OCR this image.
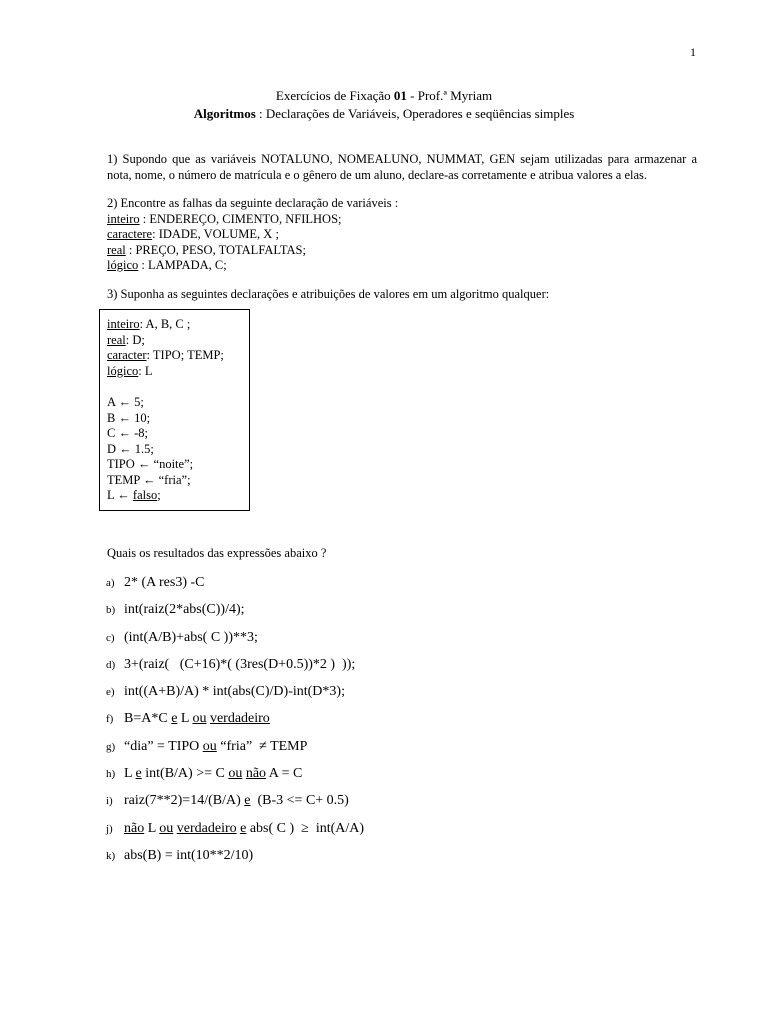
1
Exercícios de Fixação 01 - Prof.ª Myriam
Algoritmos : Declarações de Variáveis, Operadores e seqüências simples
1) Supondo que as variáveis NOTALUNO, NOMEALUNO, NUMMAT, GEN sejam utilizadas para armazenar a nota, nome, o número de matrícula e o gênero de um aluno, declare-as corretamente e atribua valores a elas.
2) Encontre as falhas da seguinte declaração de variáveis :
inteiro : ENDEREÇO, CIMENTO, NFILHOS;
caractere: IDADE, VOLUME, X ;
real : PREÇO, PESO, TOTALFALTAS;
lógico : LAMPADA, C;
3) Suponha as seguintes declarações e atribuições de valores em um algoritmo qualquer:
inteiro: A, B, C ;
real: D;
caracter: TIPO; TEMP;
lógico: L
A ← 5;
B ← 10;
C ← -8;
D ← 1.5;
TIPO ← “noite”;
TEMP ← “fria”;
L ← falso;
Quais os resultados das expressões abaixo ?
a) 2* (A res3) -C
b) int(raiz(2*abs(C))/4);
c) (int(A/B)+abs( C ))**3;
d) 3+(raiz(   (C+16)*( (3res(D+0.5))*2 )  ));
e) int((A+B)/A) * int(abs(C)/D)-int(D*3);
f) B=A*C e L ou verdadeiro
g) “dia” = TIPO ou “fria”  ≠ TEMP
h) L e int(B/A) >= C ou não A = C
i) raiz(7**2)=14/(B/A) e  (B-3 <= C+ 0.5)
j) não L ou verdadeiro e abs( C )  ≥  int(A/A)
k) abs(B) = int(10**2/10)
